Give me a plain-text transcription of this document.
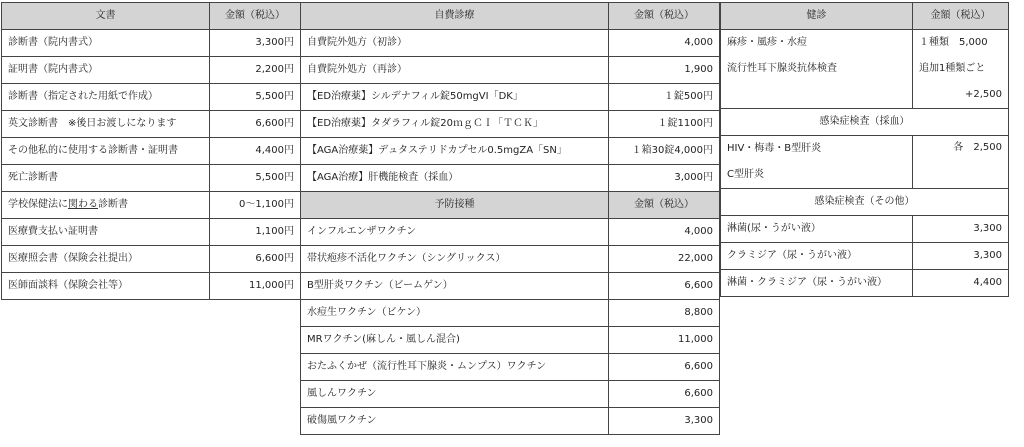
文書	金額（税込）
診断書（院内書式）	3,300円
証明書（院内書式）	2,200円
診断書（指定された用紙で作成）	5,500円
英文診断書　※後日お渡しになります	6,600円
その他私的に使用する診断書・証明書	4,400円
死亡診断書	5,500円
学校保健法に関わる診断書	0～1,100円
医療費支払い証明書	1,100円
医療照会書（保険会社提出）	6,600円
医師面談料（保険会社等）	11,000円
自費診療	金額（税込）
自費院外処方（初診）	4,000
自費院外処方（再診）	1,900
【ED治療薬】シルデナフィル錠50mgVI「DK」	１錠500円
【ED治療薬】タダラフィル錠20ｍｇＣＩ「ＴＣＫ」	１錠1100円
【AGA治療薬】デュタステリドカプセル0.5mgZA「SN」	１箱30錠4,000円
【AGA治療】肝機能検査（採血）	3,000円
予防接種	金額（税込）
インフルエンザワクチン	4,000
帯状疱疹不活化ワクチン（シングリックス）	22,000
B型肝炎ワクチン（ビームゲン）	6,600
水痘生ワクチン（ビケン）	8,800
MRワクチン(麻しん・風しん混合)	11,000
おたふくかぜ（流行性耳下腺炎・ムンプス）ワクチン	6,600
風しんワクチン	6,600
破傷風ワクチン	3,300
健診	金額（税込）
麻疹・風疹・水痘	１種類　5,000
流行性耳下腺炎抗体検査	追加1種類ごと
	+2,500
感染症検査（採血）	
HIV・梅毒・B型肝炎	各　2,500
C型肝炎	
感染症検査（その他）	
淋菌(尿・うがい液）	3,300
クラミジア（尿・うがい液）	3,300
淋菌・クラミジア（尿・うがい液）	4,400
